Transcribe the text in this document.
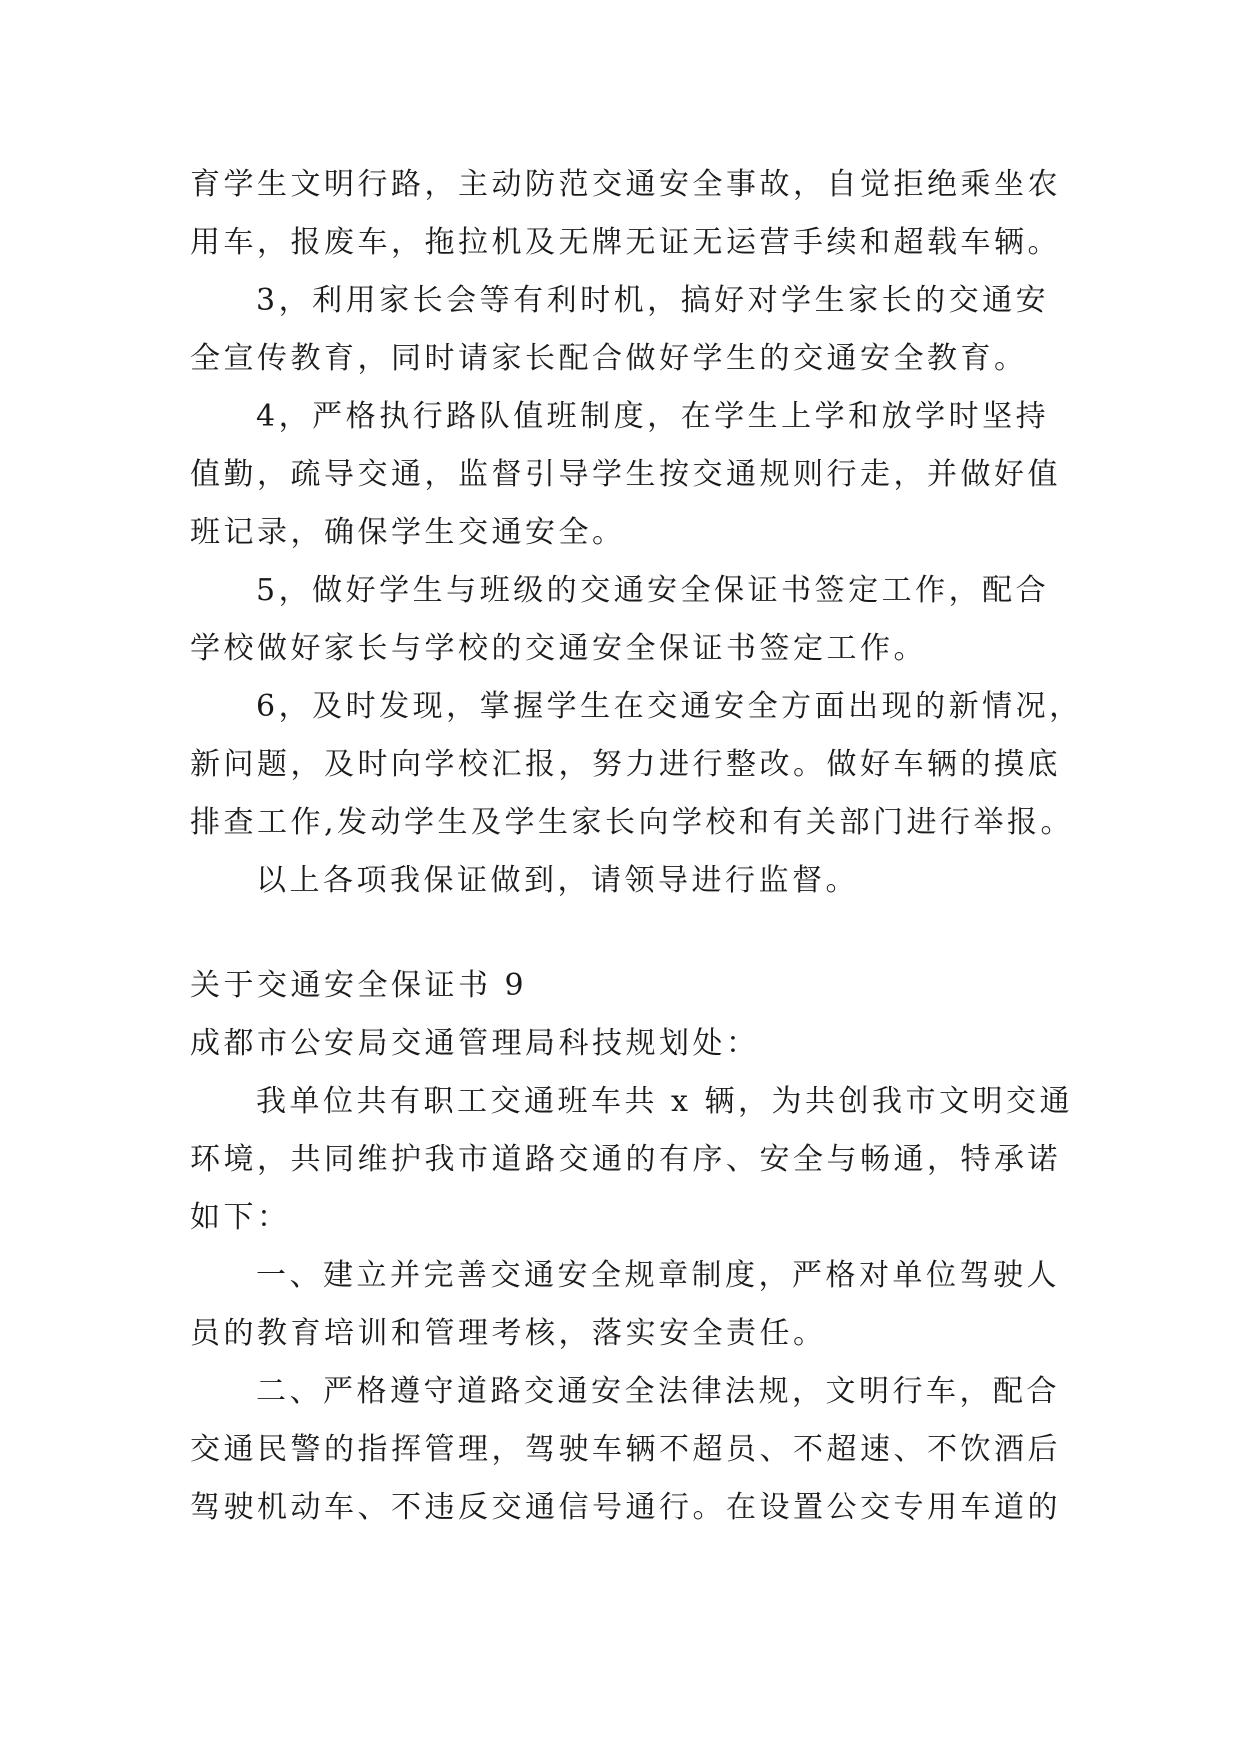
育学生文明行路，主动防范交通安全事故，自觉拒绝乘坐农
用车，报废车，拖拉机及无牌无证无运营手续和超载车辆。
3，利用家长会等有利时机，搞好对学生家长的交通安
全宣传教育，同时请家长配合做好学生的交通安全教育。
4，严格执行路队值班制度，在学生上学和放学时坚持
值勤，疏导交通，监督引导学生按交通规则行走，并做好值
班记录，确保学生交通安全。
5，做好学生与班级的交通安全保证书签定工作，配合
学校做好家长与学校的交通安全保证书签定工作。
6，及时发现，掌握学生在交通安全方面出现的新情况，
新问题，及时向学校汇报，努力进行整改。做好车辆的摸底
排查工作,发动学生及学生家长向学校和有关部门进行举报。
以上各项我保证做到，请领导进行监督。
关于交通安全保证书 9
成都市公安局交通管理局科技规划处：
我单位共有职工交通班车共 x 辆，为共创我市文明交通
环境，共同维护我市道路交通的有序、安全与畅通，特承诺
如下：
一、建立并完善交通安全规章制度，严格对单位驾驶人
员的教育培训和管理考核，落实安全责任。
二、严格遵守道路交通安全法律法规，文明行车，配合
交通民警的指挥管理，驾驶车辆不超员、不超速、不饮酒后
驾驶机动车、不违反交通信号通行。在设置公交专用车道的
